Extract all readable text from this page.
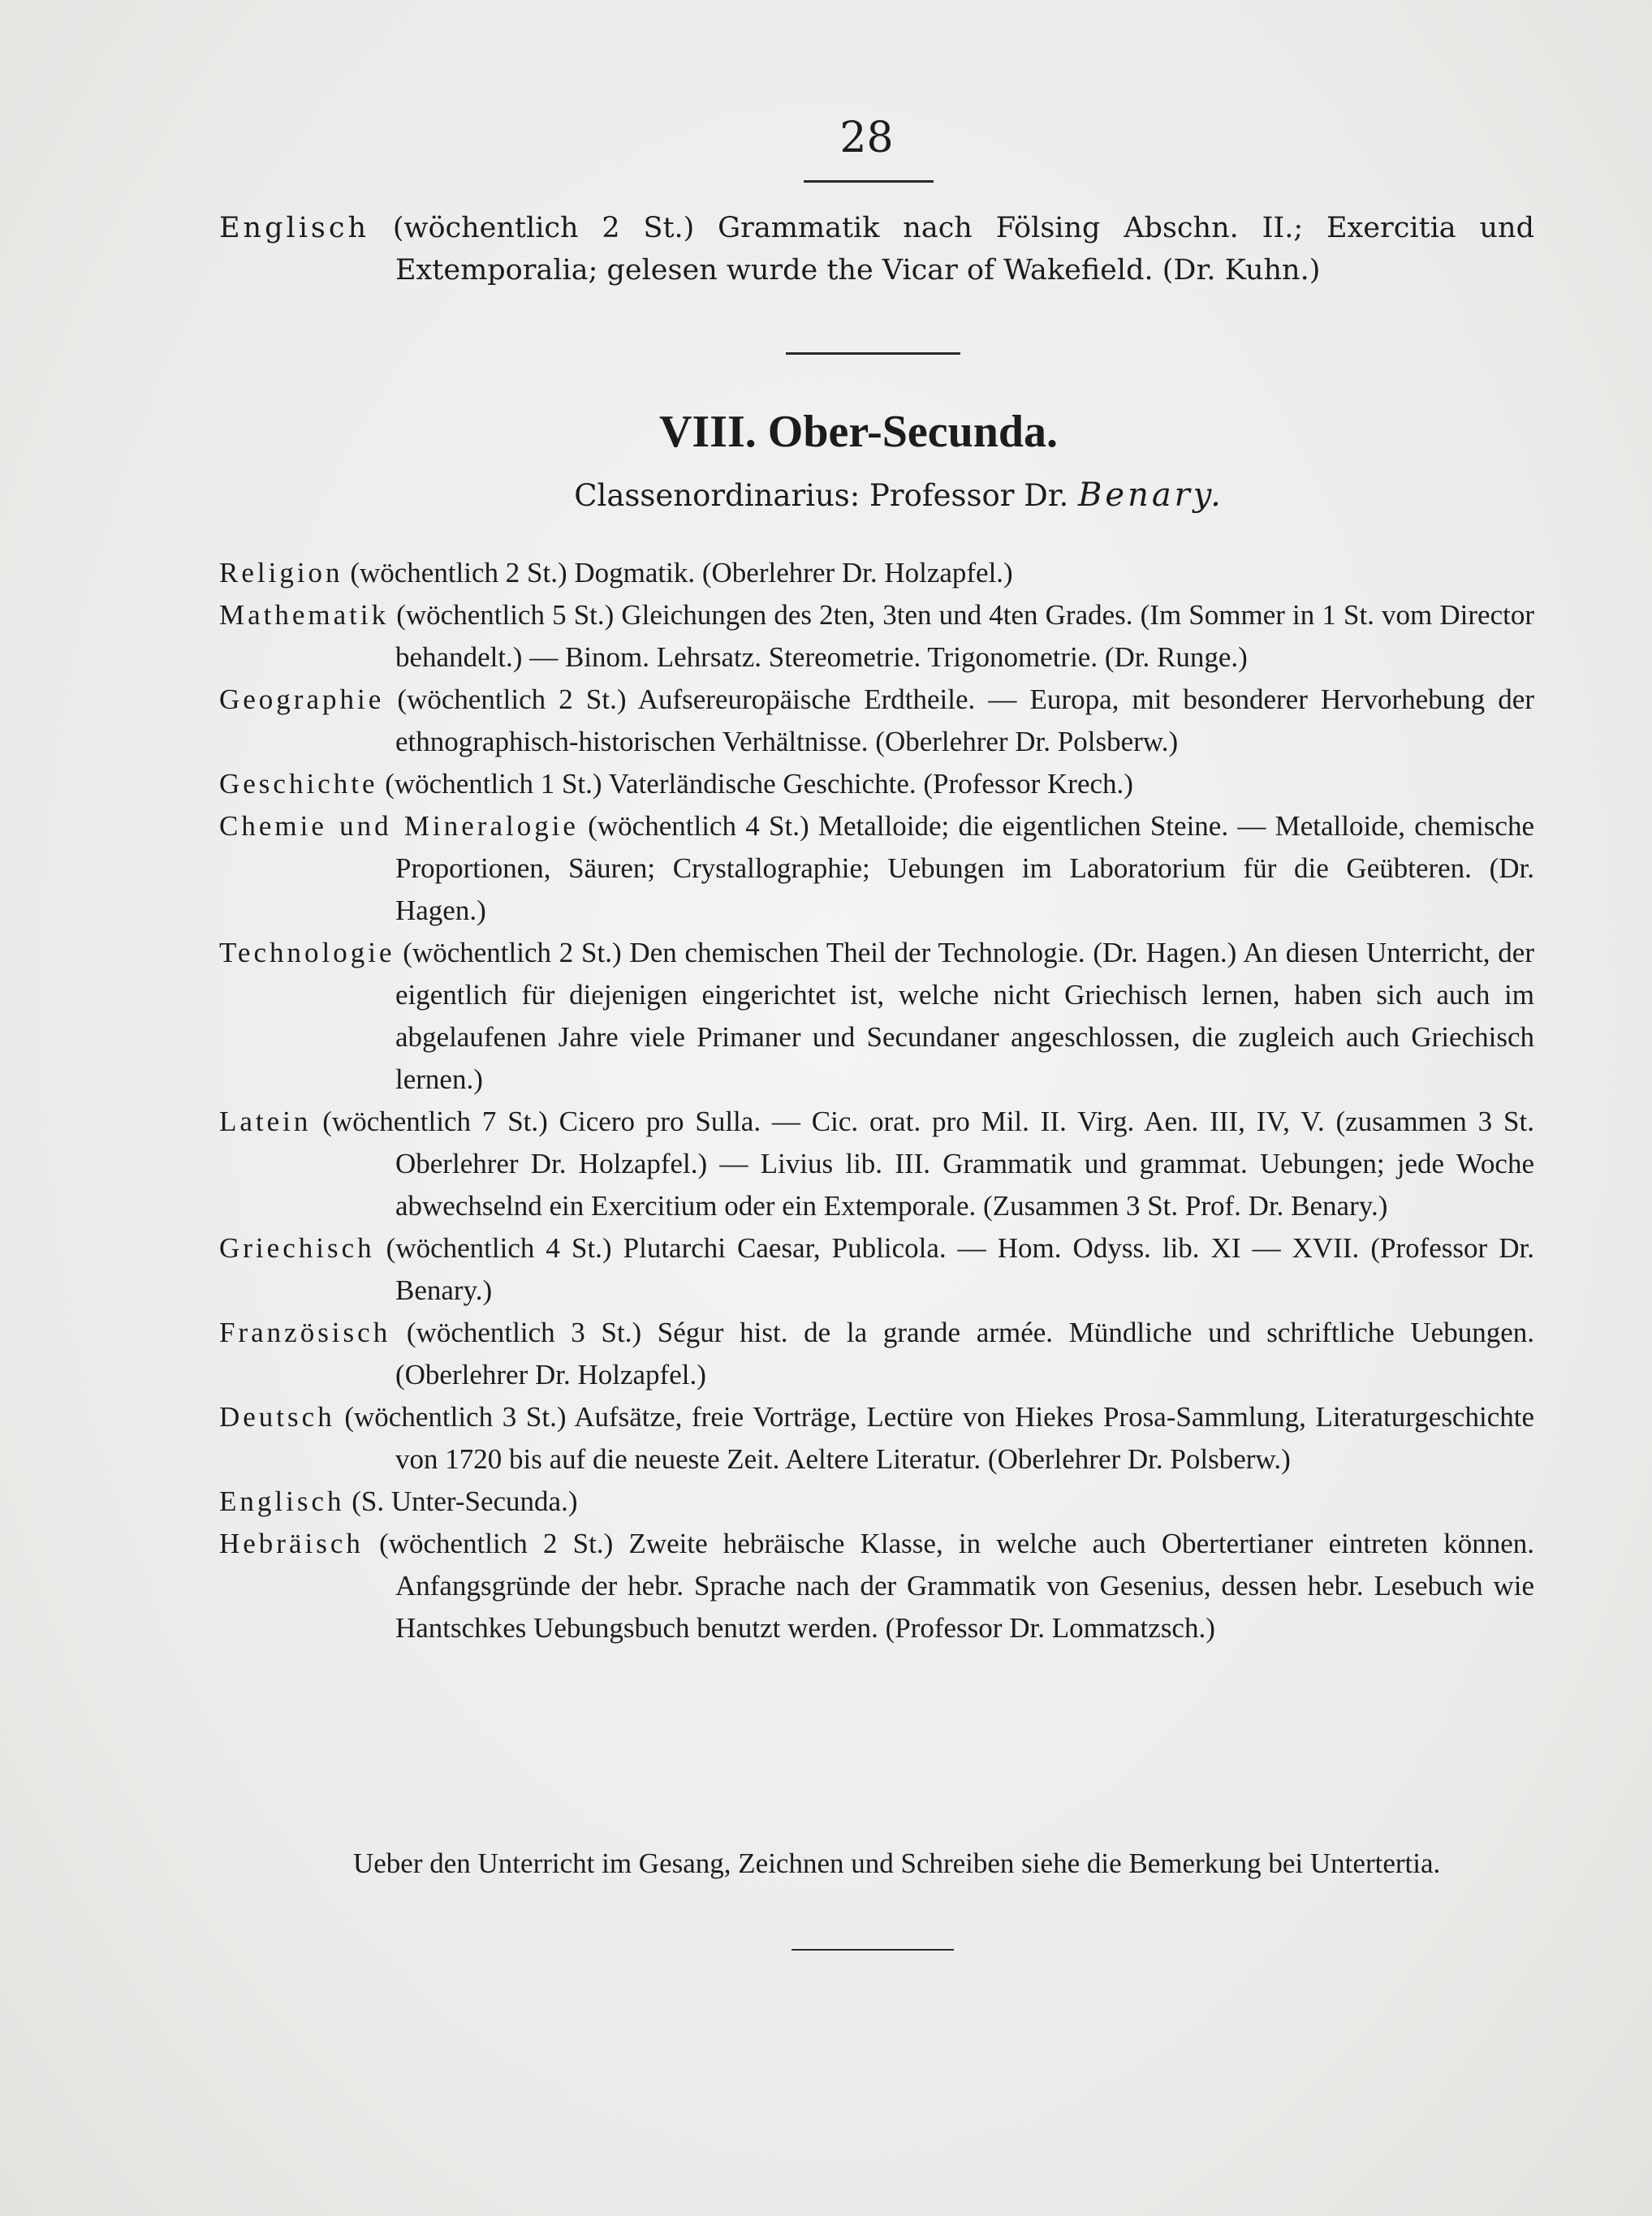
28

Englisch (wöchentlich 2 St.) Grammatik nach Fölsing Abschn. II.; Exercitia und Extemporalia; gelesen wurde the Vicar of Wakefield. (Dr. Kuhn.)

VIII. Ober-Secunda.
Classenordinarius: Professor Dr. Benary.

Religion (wöchentlich 2 St.) Dogmatik. (Oberlehrer Dr. Holzapfel.)

Mathematik (wöchentlich 5 St.) Gleichungen des 2ten, 3ten und 4ten Grades. (Im Sommer in 1 St. vom Director behandelt.) — Binom. Lehrsatz. Stereometrie. Trigonometrie. (Dr. Runge.)

Geographie (wöchentlich 2 St.) Aufsereuropäische Erdtheile. — Europa, mit besonderer Hervorhebung der ethnographisch-historischen Verhältnisse. (Oberlehrer Dr. Polsberw.)

Geschichte (wöchentlich 1 St.) Vaterländische Geschichte. (Professor Krech.)

Chemie und Mineralogie (wöchentlich 4 St.) Metalloide; die eigentlichen Steine. — Metalloide, chemische Proportionen, Säuren; Crystallographie; Uebungen im Laboratorium für die Geübteren. (Dr. Hagen.)

Technologie (wöchentlich 2 St.) Den chemischen Theil der Technologie. (Dr. Hagen.) An diesen Unterricht, der eigentlich für diejenigen eingerichtet ist, welche nicht Griechisch lernen, haben sich auch im abgelaufenen Jahre viele Primaner und Secundaner angeschlossen, die zugleich auch Griechisch lernen.)

Latein (wöchentlich 7 St.) Cicero pro Sulla. — Cic. orat. pro Mil. II. Virg. Aen. III, IV, V. (zusammen 3 St. Oberlehrer Dr. Holzapfel.) — Livius lib. III. Grammatik und grammat. Uebungen; jede Woche abwechselnd ein Exercitium oder ein Extemporale. (Zusammen 3 St. Prof. Dr. Benary.)

Griechisch (wöchentlich 4 St.) Plutarchi Caesar, Publicola. — Hom. Odyss. lib. XI — XVII. (Professor Dr. Benary.)

Französisch (wöchentlich 3 St.) Ségur hist. de la grande armée. Mündliche und schriftliche Uebungen. (Oberlehrer Dr. Holzapfel.)

Deutsch (wöchentlich 3 St.) Aufsätze, freie Vorträge, Lectüre von Hiekes Prosa-Sammlung, Literaturgeschichte von 1720 bis auf die neueste Zeit. Aeltere Literatur. (Oberlehrer Dr. Polsberw.)

Englisch (S. Unter-Secunda.)

Hebräisch (wöchentlich 2 St.) Zweite hebräische Klasse, in welche auch Obertertianer eintreten können. Anfangsgründe der hebr. Sprache nach der Grammatik von Gesenius, dessen hebr. Lesebuch wie Hantschkes Uebungsbuch benutzt werden. (Professor Dr. Lommatzsch.)

Ueber den Unterricht im Gesang, Zeichnen und Schreiben siehe die Bemerkung bei Untertertia.
